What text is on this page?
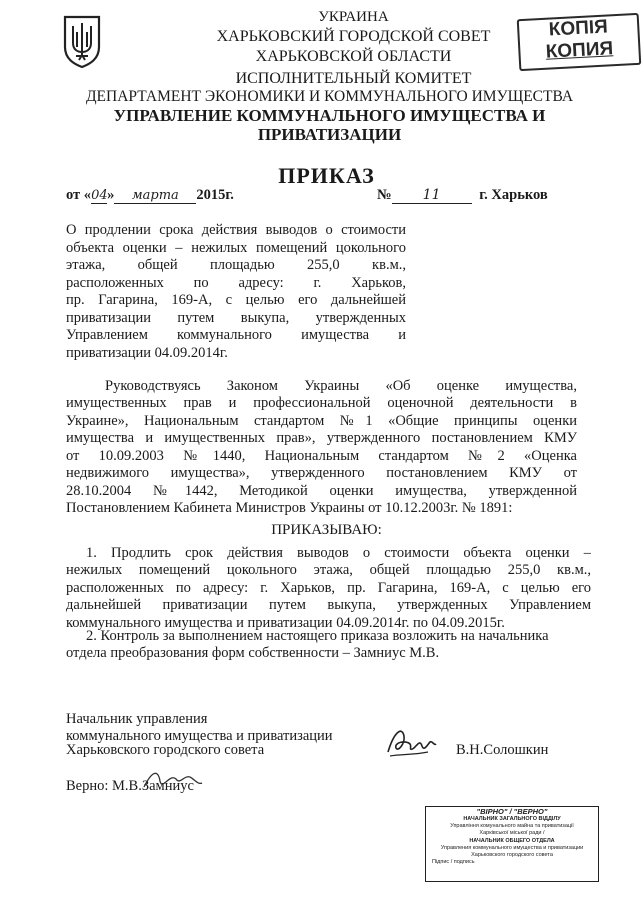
КОПІЯ
КОПИЯ
УКРАИНА
ХАРЬКОВСКИЙ ГОРОДСКОЙ СОВЕТ
ХАРЬКОВСКОЙ ОБЛАСТИ
ИСПОЛНИТЕЛЬНЫЙ КОМИТЕТ
ДЕПАРТАМЕНТ ЭКОНОМИКИ И КОММУНАЛЬНОГО ИМУЩЕСТВА
УПРАВЛЕНИЕ КОММУНАЛЬНОГО ИМУЩЕСТВА И
ПРИВАТИЗАЦИИ
ПРИКАЗ
от «04» марта 2015г.	№ 11	г. Харьков
О продлении срока действия выводов о стоимости
объекта оценки – нежилых помещений цокольного
этажа, общей площадью 255,0 кв.м.,
расположенных по адресу: г. Харьков,
пр. Гагарина, 169-А, с целью его дальнейшей
приватизации путем выкупа, утвержденных
Управлением коммунального имущества и
приватизации 04.09.2014г.
Руководствуясь Законом Украины «Об оценке имущества,
имущественных прав и профессиональной оценочной деятельности в
Украине», Национальным стандартом №1 «Общие принципы оценки
имущества и имущественных прав», утвержденного постановлением КМУ
от 10.09.2003 №1440, Национальным стандартом №2 «Оценка
недвижимого имущества», утвержденного постановлением КМУ от
28.10.2004 №1442, Методикой оценки имущества, утвержденной
Постановлением Кабинета Министров Украины от 10.12.2003г. № 1891:
ПРИКАЗЫВАЮ:
1. Продлить срок действия выводов о стоимости объекта оценки –
нежилых помещений цокольного этажа, общей площадью 255,0 кв.м.,
расположенных по адресу: г. Харьков, пр. Гагарина, 169-А, с целью его
дальнейшей приватизации путем выкупа, утвержденных Управлением
коммунального имущества и приватизации 04.09.2014г. по 04.09.2015г.
2. Контроль за выполнением настоящего приказа возложить на начальника
отдела преобразования форм собственности – Замниус М.В.
Начальник управления
коммунального имущества и приватизации
Харьковского городского совета	В.Н.Солошкин
Верно: М.В.Замниус
"ВІРНО" / "ВЕРНО"
НАЧАЛЬНИК ЗАГАЛЬНОГО ВІДДІЛУ
Управління комунального майна та приватизації
Харківської міської ради /
НАЧАЛЬНИК ОБЩЕГО ОТДЕЛА
Управления коммунального имущества и приватизации
Харьковского городского совета
Підпис / подпись
